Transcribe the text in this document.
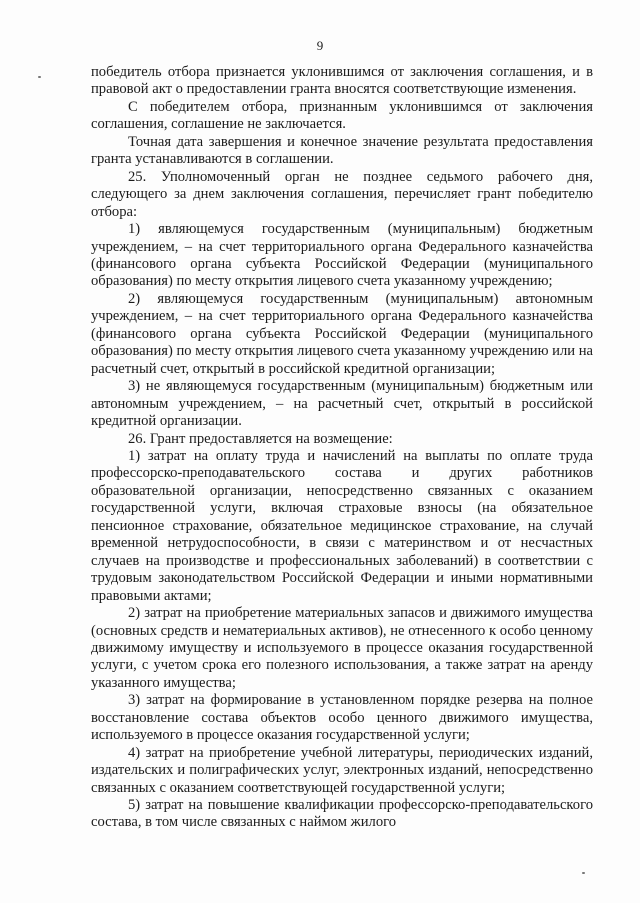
9

победитель отбора признается уклонившимся от заключения соглашения, и в правовой акт о предоставлении гранта вносятся соответствующие изменения.

С победителем отбора, признанным уклонившимся от заключения соглашения, соглашение не заключается.

Точная дата завершения и конечное значение результата предоставления гранта устанавливаются в соглашении.

25. Уполномоченный орган не позднее седьмого рабочего дня, следующего за днем заключения соглашения, перечисляет грант победителю отбора:

1) являющемуся государственным (муниципальным) бюджетным учреждением, – на счет территориального органа Федерального казначейства (финансового органа субъекта Российской Федерации (муниципального образования) по месту открытия лицевого счета указанному учреждению;

2) являющемуся государственным (муниципальным) автономным учреждением, – на счет территориального органа Федерального казначейства (финансового органа субъекта Российской Федерации (муниципального образования) по месту открытия лицевого счета указанному учреждению или на расчетный счет, открытый в российской кредитной организации;

3) не являющемуся государственным (муниципальным) бюджетным или автономным учреждением, – на расчетный счет, открытый в российской кредитной организации.

26. Грант предоставляется на возмещение:

1) затрат на оплату труда и начислений на выплаты по оплате труда профессорско-преподавательского состава и других работников образовательной организации, непосредственно связанных с оказанием государственной услуги, включая страховые взносы (на обязательное пенсионное страхование, обязательное медицинское страхование, на случай временной нетрудоспособности, в связи с материнством и от несчастных случаев на производстве и профессиональных заболеваний) в соответствии с трудовым законодательством Российской Федерации и иными нормативными правовыми актами;

2) затрат на приобретение материальных запасов и движимого имущества (основных средств и нематериальных активов), не отнесенного к особо ценному движимому имуществу и используемого в процессе оказания государственной услуги, с учетом срока его полезного использования, а также затрат на аренду указанного имущества;

3) затрат на формирование в установленном порядке резерва на полное восстановление состава объектов особо ценного движимого имущества, используемого в процессе оказания государственной услуги;

4) затрат на приобретение учебной литературы, периодических изданий, издательских и полиграфических услуг, электронных изданий, непосредственно связанных с оказанием соответствующей государственной услуги;

5) затрат на повышение квалификации профессорско-преподавательского состава, в том числе связанных с наймом жилого
